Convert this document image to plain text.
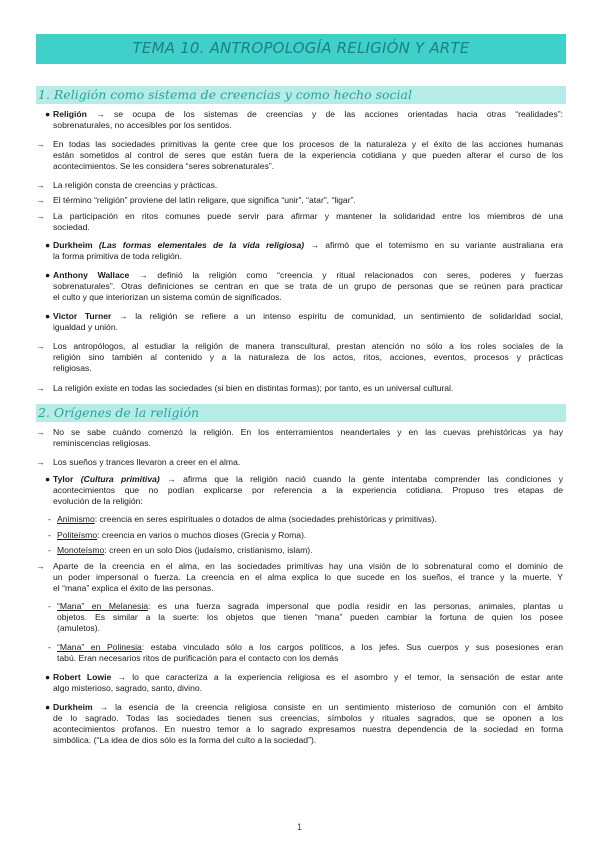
TEMA 10. ANTROPOLOGÍA RELIGIÓN Y ARTE
1. Religión como sistema de creencias y como hecho social
● Religión → se ocupa de los sistemas de creencias y de las acciones orientadas hacia otras “realidades”:
sobrenaturales, no accesibles por los sentidos.
→ En todas las sociedades primitivas la gente cree que los procesos de la naturaleza y el éxito de las acciones humanas
están sometidos al control de seres que están fuera de la experiencia cotidiana y que pueden alterar el curso de los
acontecimientos. Se les considera “seres sobrenaturales”.
→ La religión consta de creencias y prácticas.
→ El término “religión” proviene del latín religare, que significa “unir”, “atar”, “ligar”.
→ La participación en ritos comunes puede servir para afirmar y mantener la solidaridad entre los miembros de una
sociedad.
● Durkheim (Las formas elementales de la vida religiosa) → afirmó que el totemismo en su variante australiana era
la forma primitiva de toda religión.
● Anthony Wallace → definió la religión como “creencia y ritual relacionados con seres, poderes y fuerzas
sobrenaturales”. Otras definiciones se centran en que se trata de un grupo de personas que se reúnen para practicar
el culto y que interiorizan un sistema común de significados.
● Victor Turner → la religión se refiere a un intenso espíritu de comunidad, un sentimiento de solidaridad social,
igualdad y unión.
→ Los antropólogos, al estudiar la religión de manera transcultural, prestan atención no sólo a los roles sociales de la
religión sino también al contenido y a la naturaleza de los actos, ritos, acciones, eventos, procesos y prácticas
religiosas.
→ La religión existe en todas las sociedades (si bien en distintas formas); por tanto, es un universal cultural.
2. Orígenes de la religión
→ No se sabe cuándo comenzó la religión. En los enterramientos neandertales y en las cuevas prehistóricas ya hay
reminiscencias religiosas.
→ Los sueños y trances llevaron a creer en el alma.
● Tylor (Cultura primitiva) → afirma que la religión nació cuando la gente intentaba comprender las condiciones y
acontecimientos que no podían explicarse por referencia a la experiencia cotidiana. Propuso tres etapas de
evolución de la religión:
- Animismo: creencia en seres espirituales o dotados de alma (sociedades prehistóricas y primitivas).
- Politeísmo: creencia en varios o muchos dioses (Grecia y Roma).
- Monoteísmo: creen en un solo Dios (judaísmo, cristianismo, islam).
→ Aparte de la creencia en el alma, en las sociedades primitivas hay una visión de lo sobrenatural como el dominio de
un poder impersonal o fuerza. La creencia en el alma explica lo que sucede en los sueños, el trance y la muerte. Y
el “mana” explica el éxito de las personas.
- “Mana” en Melanesia: es una fuerza sagrada impersonal que podía residir en las personas, animales, plantas u
objetos. Es similar a la suerte: los objetos que tienen “mana” pueden cambiar la fortuna de quien los posee
(amuletos).
- “Mana” en Polinesia: estaba vinculado sólo a los cargos políticos, a los jefes. Sus cuerpos y sus posesiones eran
tabú. Eran necesarios ritos de purificación para el contacto con los demás
● Robert Lowie → lo que caracteriza a la experiencia religiosa es el asombro y el temor, la sensación de estar ante
algo misterioso, sagrado, santo, divino.
● Durkheim → la esencia de la creencia religiosa consiste en un sentimiento misterioso de comunión con el ámbito
de lo sagrado. Todas las sociedades tienen sus creencias, símbolos y rituales sagrados, que se oponen a los
acontecimientos profanos. En nuestro temor a lo sagrado expresamos nuestra dependencia de la sociedad en forma
simbólica. (“La idea de dios sólo es la forma del culto a la sociedad”).
1
